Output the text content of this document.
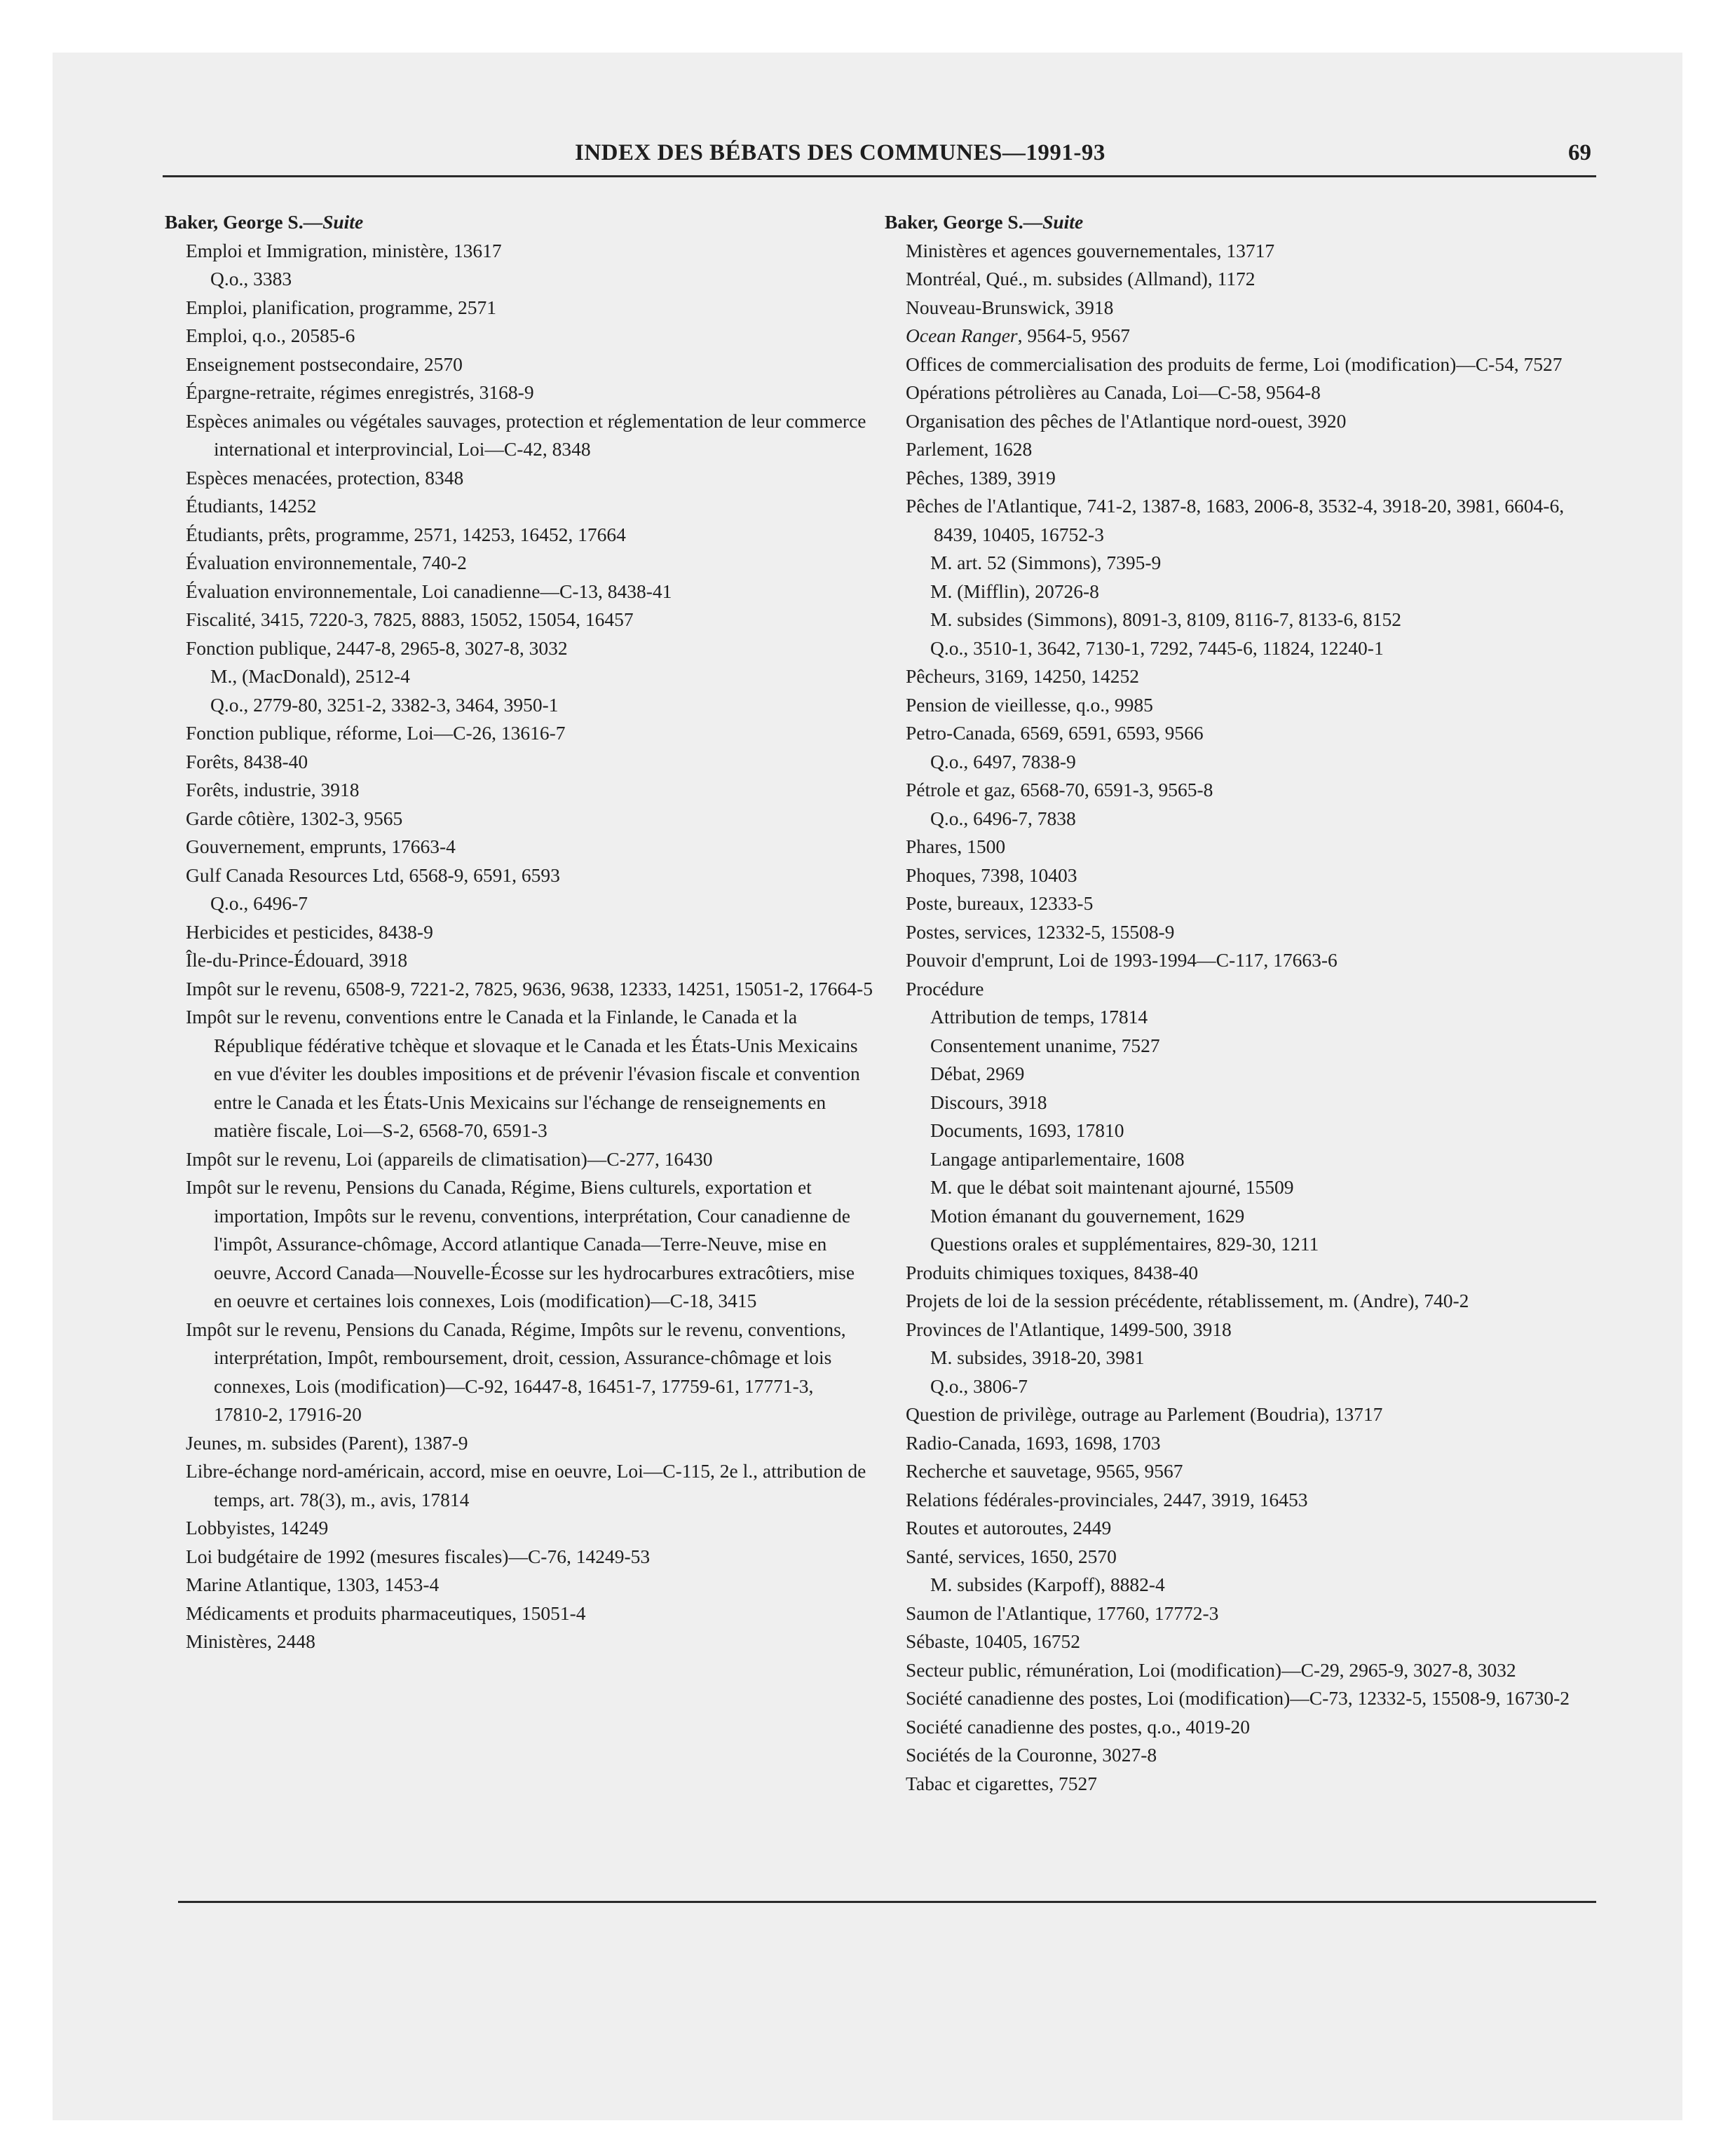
INDEX DES BÉBATS DES COMMUNES—1991-93	69
Baker, George S.—Suite
Emploi et Immigration, ministère, 13617
Q.o., 3383
Emploi, planification, programme, 2571
Emploi, q.o., 20585-6
Enseignement postsecondaire, 2570
Épargne-retraite, régimes enregistrés, 3168-9
Espèces animales ou végétales sauvages, protection et réglementation de leur commerce international et interprovincial, Loi—C-42, 8348
Espèces menacées, protection, 8348
Étudiants, 14252
Étudiants, prêts, programme, 2571, 14253, 16452, 17664
Évaluation environnementale, 740-2
Évaluation environnementale, Loi canadienne—C-13, 8438-41
Fiscalité, 3415, 7220-3, 7825, 8883, 15052, 15054, 16457
Fonction publique, 2447-8, 2965-8, 3027-8, 3032
M., (MacDonald), 2512-4
Q.o., 2779-80, 3251-2, 3382-3, 3464, 3950-1
Fonction publique, réforme, Loi—C-26, 13616-7
Forêts, 8438-40
Forêts, industrie, 3918
Garde côtière, 1302-3, 9565
Gouvernement, emprunts, 17663-4
Gulf Canada Resources Ltd, 6568-9, 6591, 6593
Q.o., 6496-7
Herbicides et pesticides, 8438-9
Île-du-Prince-Édouard, 3918
Impôt sur le revenu, 6508-9, 7221-2, 7825, 9636, 9638, 12333, 14251, 15051-2, 17664-5
Impôt sur le revenu, conventions entre le Canada et la Finlande, le Canada et la République fédérative tchèque et slovaque et le Canada et les États-Unis Mexicains en vue d'éviter les doubles impositions et de prévenir l'évasion fiscale et convention entre le Canada et les États-Unis Mexicains sur l'échange de renseignements en matière fiscale, Loi—S-2, 6568-70, 6591-3
Impôt sur le revenu, Loi (appareils de climatisation)—C-277, 16430
Impôt sur le revenu, Pensions du Canada, Régime, Biens culturels, exportation et importation, Impôts sur le revenu, conventions, interprétation, Cour canadienne de l'impôt, Assurance-chômage, Accord atlantique Canada—Terre-Neuve, mise en oeuvre, Accord Canada—Nouvelle-Écosse sur les hydrocarbures extracôtiers, mise en oeuvre et certaines lois connexes, Lois (modification)—C-18, 3415
Impôt sur le revenu, Pensions du Canada, Régime, Impôts sur le revenu, conventions, interprétation, Impôt, remboursement, droit, cession, Assurance-chômage et lois connexes, Lois (modification)—C-92, 16447-8, 16451-7, 17759-61, 17771-3, 17810-2, 17916-20
Jeunes, m. subsides (Parent), 1387-9
Libre-échange nord-américain, accord, mise en oeuvre, Loi—C-115, 2e l., attribution de temps, art. 78(3), m., avis, 17814
Lobbyistes, 14249
Loi budgétaire de 1992 (mesures fiscales)—C-76, 14249-53
Marine Atlantique, 1303, 1453-4
Médicaments et produits pharmaceutiques, 15051-4
Ministères, 2448
Baker, George S.—Suite
Ministères et agences gouvernementales, 13717
Montréal, Qué., m. subsides (Allmand), 1172
Nouveau-Brunswick, 3918
Ocean Ranger, 9564-5, 9567
Offices de commercialisation des produits de ferme, Loi (modification)—C-54, 7527
Opérations pétrolières au Canada, Loi—C-58, 9564-8
Organisation des pêches de l'Atlantique nord-ouest, 3920
Parlement, 1628
Pêches, 1389, 3919
Pêches de l'Atlantique, 741-2, 1387-8, 1683, 2006-8, 3532-4, 3918-20, 3981, 6604-6, 8439, 10405, 16752-3
M. art. 52 (Simmons), 7395-9
M. (Mifflin), 20726-8
M. subsides (Simmons), 8091-3, 8109, 8116-7, 8133-6, 8152
Q.o., 3510-1, 3642, 7130-1, 7292, 7445-6, 11824, 12240-1
Pêcheurs, 3169, 14250, 14252
Pension de vieillesse, q.o., 9985
Petro-Canada, 6569, 6591, 6593, 9566
Q.o., 6497, 7838-9
Pétrole et gaz, 6568-70, 6591-3, 9565-8
Q.o., 6496-7, 7838
Phares, 1500
Phoques, 7398, 10403
Poste, bureaux, 12333-5
Postes, services, 12332-5, 15508-9
Pouvoir d'emprunt, Loi de 1993-1994—C-117, 17663-6
Procédure
Attribution de temps, 17814
Consentement unanime, 7527
Débat, 2969
Discours, 3918
Documents, 1693, 17810
Langage antiparlementaire, 1608
M. que le débat soit maintenant ajourné, 15509
Motion émanant du gouvernement, 1629
Questions orales et supplémentaires, 829-30, 1211
Produits chimiques toxiques, 8438-40
Projets de loi de la session précédente, rétablissement, m. (Andre), 740-2
Provinces de l'Atlantique, 1499-500, 3918
M. subsides, 3918-20, 3981
Q.o., 3806-7
Question de privilège, outrage au Parlement (Boudria), 13717
Radio-Canada, 1693, 1698, 1703
Recherche et sauvetage, 9565, 9567
Relations fédérales-provinciales, 2447, 3919, 16453
Routes et autoroutes, 2449
Santé, services, 1650, 2570
M. subsides (Karpoff), 8882-4
Saumon de l'Atlantique, 17760, 17772-3
Sébaste, 10405, 16752
Secteur public, rémunération, Loi (modification)—C-29, 2965-9, 3027-8, 3032
Société canadienne des postes, Loi (modification)—C-73, 12332-5, 15508-9, 16730-2
Société canadienne des postes, q.o., 4019-20
Sociétés de la Couronne, 3027-8
Tabac et cigarettes, 7527
